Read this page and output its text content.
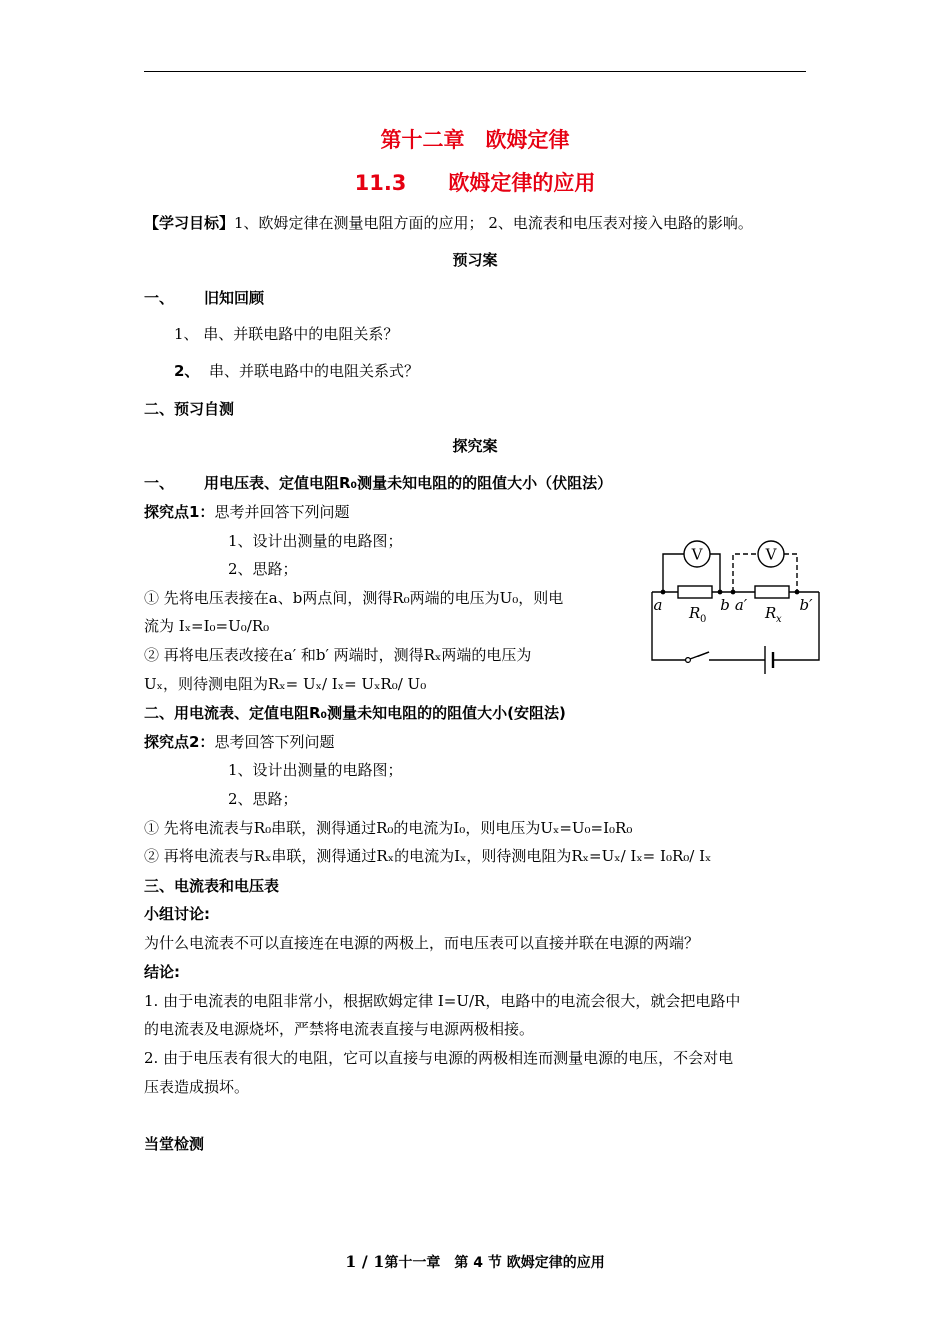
第十二章　欧姆定律
11.3　　欧姆定律的应用
【学习目标】1、欧姆定律在测量电阻方面的应用； 2、电流表和电压表对接入电路的影响。
预习案
一、 旧知回顾
1、 串、并联电路中的电阻关系？
2、 串、并联电路中的电阻关系式？
二、预习自测
探究案
一、 用电压表、定值电阻R₀测量未知电阻的的阻值大小（伏阻法）
探究点1：思考并回答下列问题
1、设计出测量的电路图；
2、思路；
① 先将电压表接在a、b两点间，测得R₀两端的电压为U₀，则电
流为 Iₓ=I₀=U₀/R₀
② 再将电压表改接在a′ 和b′ 两端时，测得Rₓ两端的电压为
Uₓ，则待测电阻为Rₓ= Uₓ/ Iₓ= UₓR₀/ U₀
V	V
a	b a′	b′
R 0	R x
二、用电流表、定值电阻R₀测量未知电阻的的阻值大小(安阻法)
探究点2：思考回答下列问题
1、设计出测量的电路图；
2、思路；
① 先将电流表与R₀串联，测得通过R₀的电流为I₀，则电压为Uₓ=U₀=I₀R₀
② 再将电流表与Rₓ串联，测得通过Rₓ的电流为Iₓ，则待测电阻为Rₓ=Uₓ/ Iₓ= I₀R₀/ Iₓ
三、电流表和电压表
小组讨论:
为什么电流表不可以直接连在电源的两极上，而电压表可以直接并联在电源的两端？
结论:
1. 由于电流表的电阻非常小，根据欧姆定律 I=U/R，电路中的电流会很大，就会把电路中
的电流表及电源烧坏，严禁将电流表直接与电源两极相接。
2. 由于电压表有很大的电阻，它可以直接与电源的两极相连而测量电源的电压，不会对电
压表造成损坏。
当堂检测
1 / 1第十一章　第 4 节 欧姆定律的应用
